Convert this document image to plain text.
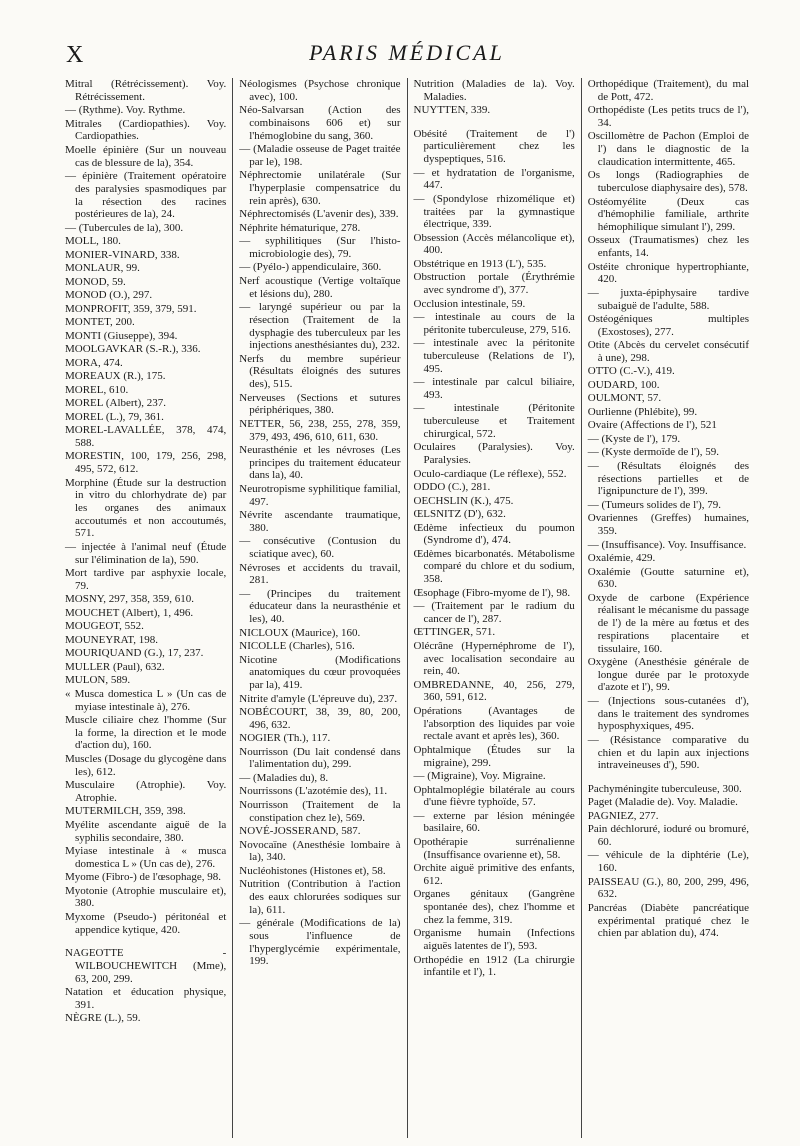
X	PARIS MÉDICAL
Mitral (Rétrécissement). Voy. Rétrécissement.
— (Rythme). Voy. Rythme.
Mitrales (Cardiopathies). Voy. Cardiopathies.
Moelle épinière (Sur un nouveau cas de blessure de la), 354.
— épinière (Traitement opératoire des paralysies spasmodiques par la résection des racines postérieures de la), 24.
— (Tubercules de la), 300.
MOLL, 180.
MONIER-VINARD, 338.
MONLAUR, 99.
MONOD, 59.
MONOD (O.), 297.
MONPROFIT, 359, 379, 591.
MONTET, 200.
MONTI (Giuseppe), 394.
MOOLGAVKAR (S.-R.), 336.
MORA, 474.
MOREAUX (R.), 175.
MOREL, 610.
MOREL (Albert), 237.
MOREL (L.), 79, 361.
MOREL-LAVALLÉE, 378, 474, 588.
MORESTIN, 100, 179, 256, 298, 495, 572, 612.
Morphine (Étude sur la destruction in vitro du chlorhydrate de) par les organes des animaux accoutumés et non accoutumés, 571.
— injectée à l'animal neuf (Étude sur l'élimination de la), 590.
Mort tardive par asphyxie locale, 79.
MOSNY, 297, 358, 359, 610.
MOUCHET (Albert), 1, 496.
MOUGEOT, 552.
MOUNEYRAT, 198.
MOURIQUAND (G.), 17, 237.
MULLER (Paul), 632.
MULON, 589.
« Musca domestica L » (Un cas de myiase intestinale à), 276.
Muscle ciliaire chez l'homme (Sur la forme, la direction et le mode d'action du), 160.
Muscles (Dosage du glycogène dans les), 612.
Musculaire (Atrophie). Voy. Atrophie.
MUTERMILCH, 359, 398.
Myélite ascendante aiguë de la syphilis secondaire, 380.
Myiase intestinale à « musca domestica L » (Un cas de), 276.
Myome (Fibro-) de l'œsophage, 98.
Myotonie (Atrophie musculaire et), 380.
Myxome (Pseudo-) péritonéal et appendice kytique, 420.
NAGEOTTE - WILBOUCHEWITCH (Mme), 63, 200, 299.
Natation et éducation physique, 391.
NÈGRE (L.), 59.
Néologismes (Psychose chronique avec), 100.
Néo-Salvarsan (Action des combinaisons 606 et) sur l'hémoglobine du sang, 360.
— (Maladie osseuse de Paget traitée par le), 198.
Néphrectomie unilatérale (Sur l'hyperplasie compensatrice du rein après), 630.
Néphrectomisés (L'avenir des), 339.
Néphrite hématurique, 278.
— syphilitiques (Sur l'histo-microbiologie des), 79.
— (Pyélo-) appendiculaire, 360.
Nerf acoustique (Vertige voltaïque et lésions du), 280.
— laryngé supérieur ou par la résection (Traitement de la dysphagie des tuberculeux par les injections anesthésiantes du), 232.
Nerfs du membre supérieur (Résultats éloignés des sutures des), 515.
Nerveuses (Sections et sutures périphériques, 380.
NETTER, 56, 238, 255, 278, 359, 379, 493, 496, 610, 611, 630.
Neurasthénie et les névroses (Les principes du traitement éducateur dans la), 40.
Neurotropisme syphilitique familial, 497.
Névrite ascendante traumatique, 380.
— consécutive (Contusion du sciatique avec), 60.
Névroses et accidents du travail, 281.
— (Principes du traitement éducateur dans la neurasthénie et les), 40.
NICLOUX (Maurice), 160.
NICOLLE (Charles), 516.
Nicotine (Modifications anatomiques du cœur provoquées par la), 419.
Nitrite d'amyle (L'épreuve du), 237.
NOBÉCOURT, 38, 39, 80, 200, 496, 632.
NOGIER (Th.), 117.
Nourrisson (Du lait condensé dans l'alimentation du), 299.
— (Maladies du), 8.
Nourrissons (L'azotémie des), 11.
Nourrisson (Traitement de la constipation chez le), 569.
NOVÉ-JOSSERAND, 587.
Novocaïne (Anesthésie lombaire à la), 340.
Nucléohistones (Histones et), 58.
Nutrition (Contribution à l'action des eaux chlorurées sodiques sur la), 611.
— générale (Modifications de la) sous l'influence de l'hyperglycémie expérimentale, 199.
Nutrition (Maladies de la). Voy. Maladies.
NUYTTEN, 339.
Obésité (Traitement de l') particulièrement chez les dyspeptiques, 516.
— et hydratation de l'organisme, 447.
— (Spondylose rhizomélique et) traitées par la gymnastique électrique, 339.
Obsession (Accès mélancolique et), 400.
Obstétrique en 1913 (L'), 535.
Obstruction portale (Érythrémie avec syndrome d'), 377.
Occlusion intestinale, 59.
— intestinale au cours de la péritonite tuberculeuse, 279, 516.
— intestinale avec la péritonite tuberculeuse (Relations de l'), 495.
— intestinale par calcul biliaire, 493.
— intestinale (Péritonite tuberculeuse et Traitement chirurgical, 572.
Oculaires (Paralysies). Voy. Paralysies.
Oculo-cardiaque (Le réflexe), 552.
ODDO (C.), 281.
OECHSLIN (K.), 475.
ŒLSNITZ (D'), 632.
Œdème infectieux du poumon (Syndrome d'), 474.
Œdèmes bicarbonatés. Métabolisme comparé du chlore et du sodium, 358.
Œsophage (Fibro-myome de l'), 98.
— (Traitement par le radium du cancer de l'), 287.
ŒTTINGER, 571.
Olécrâne (Hypernéphrome de l'), avec localisation secondaire au rein, 40.
OMBREDANNE, 40, 256, 279, 360, 591, 612.
Opérations (Avantages de l'absorption des liquides par voie rectale avant et après les), 360.
Ophtalmique (Études sur la migraine), 299.
— (Migraine), Voy. Migraine.
Ophtalmoplégie bilatérale au cours d'une fièvre typhoïde, 57.
— externe par lésion méningée basilaire, 60.
Opothérapie surrénalienne (Insuffisance ovarienne et), 58.
Orchite aiguë primitive des enfants, 612.
Organes génitaux (Gangrène spontanée des), chez l'homme et chez la femme, 319.
Organisme humain (Infections aiguës latentes de l'), 593.
Orthopédie en 1912 (La chirurgie infantile et l'), 1.
Orthopédique (Traitement), du mal de Pott, 472.
Orthopédiste (Les petits trucs de l'), 34.
Oscillomètre de Pachon (Emploi de l') dans le diagnostic de la claudication intermittente, 465.
Os longs (Radiographies de tuberculose diaphysaire des), 578.
Ostéomyélite (Deux cas d'hémophilie familiale, arthrite hémophilique simulant l'), 299.
Osseux (Traumatismes) chez les enfants, 14.
Ostéite chronique hypertrophiante, 420.
— juxta-épiphysaire tardive subaiguë de l'adulte, 588.
Ostéogéniques multiples (Exostoses), 277.
Otite (Abcès du cervelet consécutif à une), 298.
OTTO (C.-V.), 419.
OUDARD, 100.
OULMONT, 57.
Ourlienne (Phlébite), 99.
Ovaire (Affections de l'), 521
— (Kyste de l'), 179.
— (Kyste dermoïde de l'), 59.
— (Résultats éloignés des résections partielles et de l'ignipuncture de l'), 399.
— (Tumeurs solides de l'), 79.
Ovariennes (Greffes) humaines, 359.
— (Insuffisance). Voy. Insuffisance.
Oxalémie, 429.
Oxalémie (Goutte saturnine et), 630.
Oxyde de carbone (Expérience réalisant le mécanisme du passage de l') de la mère au fœtus et des respirations placentaire et tissulaire, 160.
Oxygène (Anesthésie générale de longue durée par le protoxyde d'azote et l'), 99.
— (Injections sous-cutanées d'), dans le traitement des syndromes hyposphyxiques, 495.
— (Résistance comparative du chien et du lapin aux injections intraveineuses d'), 590.
Pachyméningite tuberculeuse, 300.
Paget (Maladie de). Voy. Maladie.
PAGNIEZ, 277.
Pain déchloruré, ioduré ou bromuré, 60.
— véhicule de la diphtérie (Le), 160.
PAISSEAU (G.), 80, 200, 299, 496, 632.
Pancréas (Diabète pancréatique expérimental pratiqué chez le chien par ablation du), 474.
